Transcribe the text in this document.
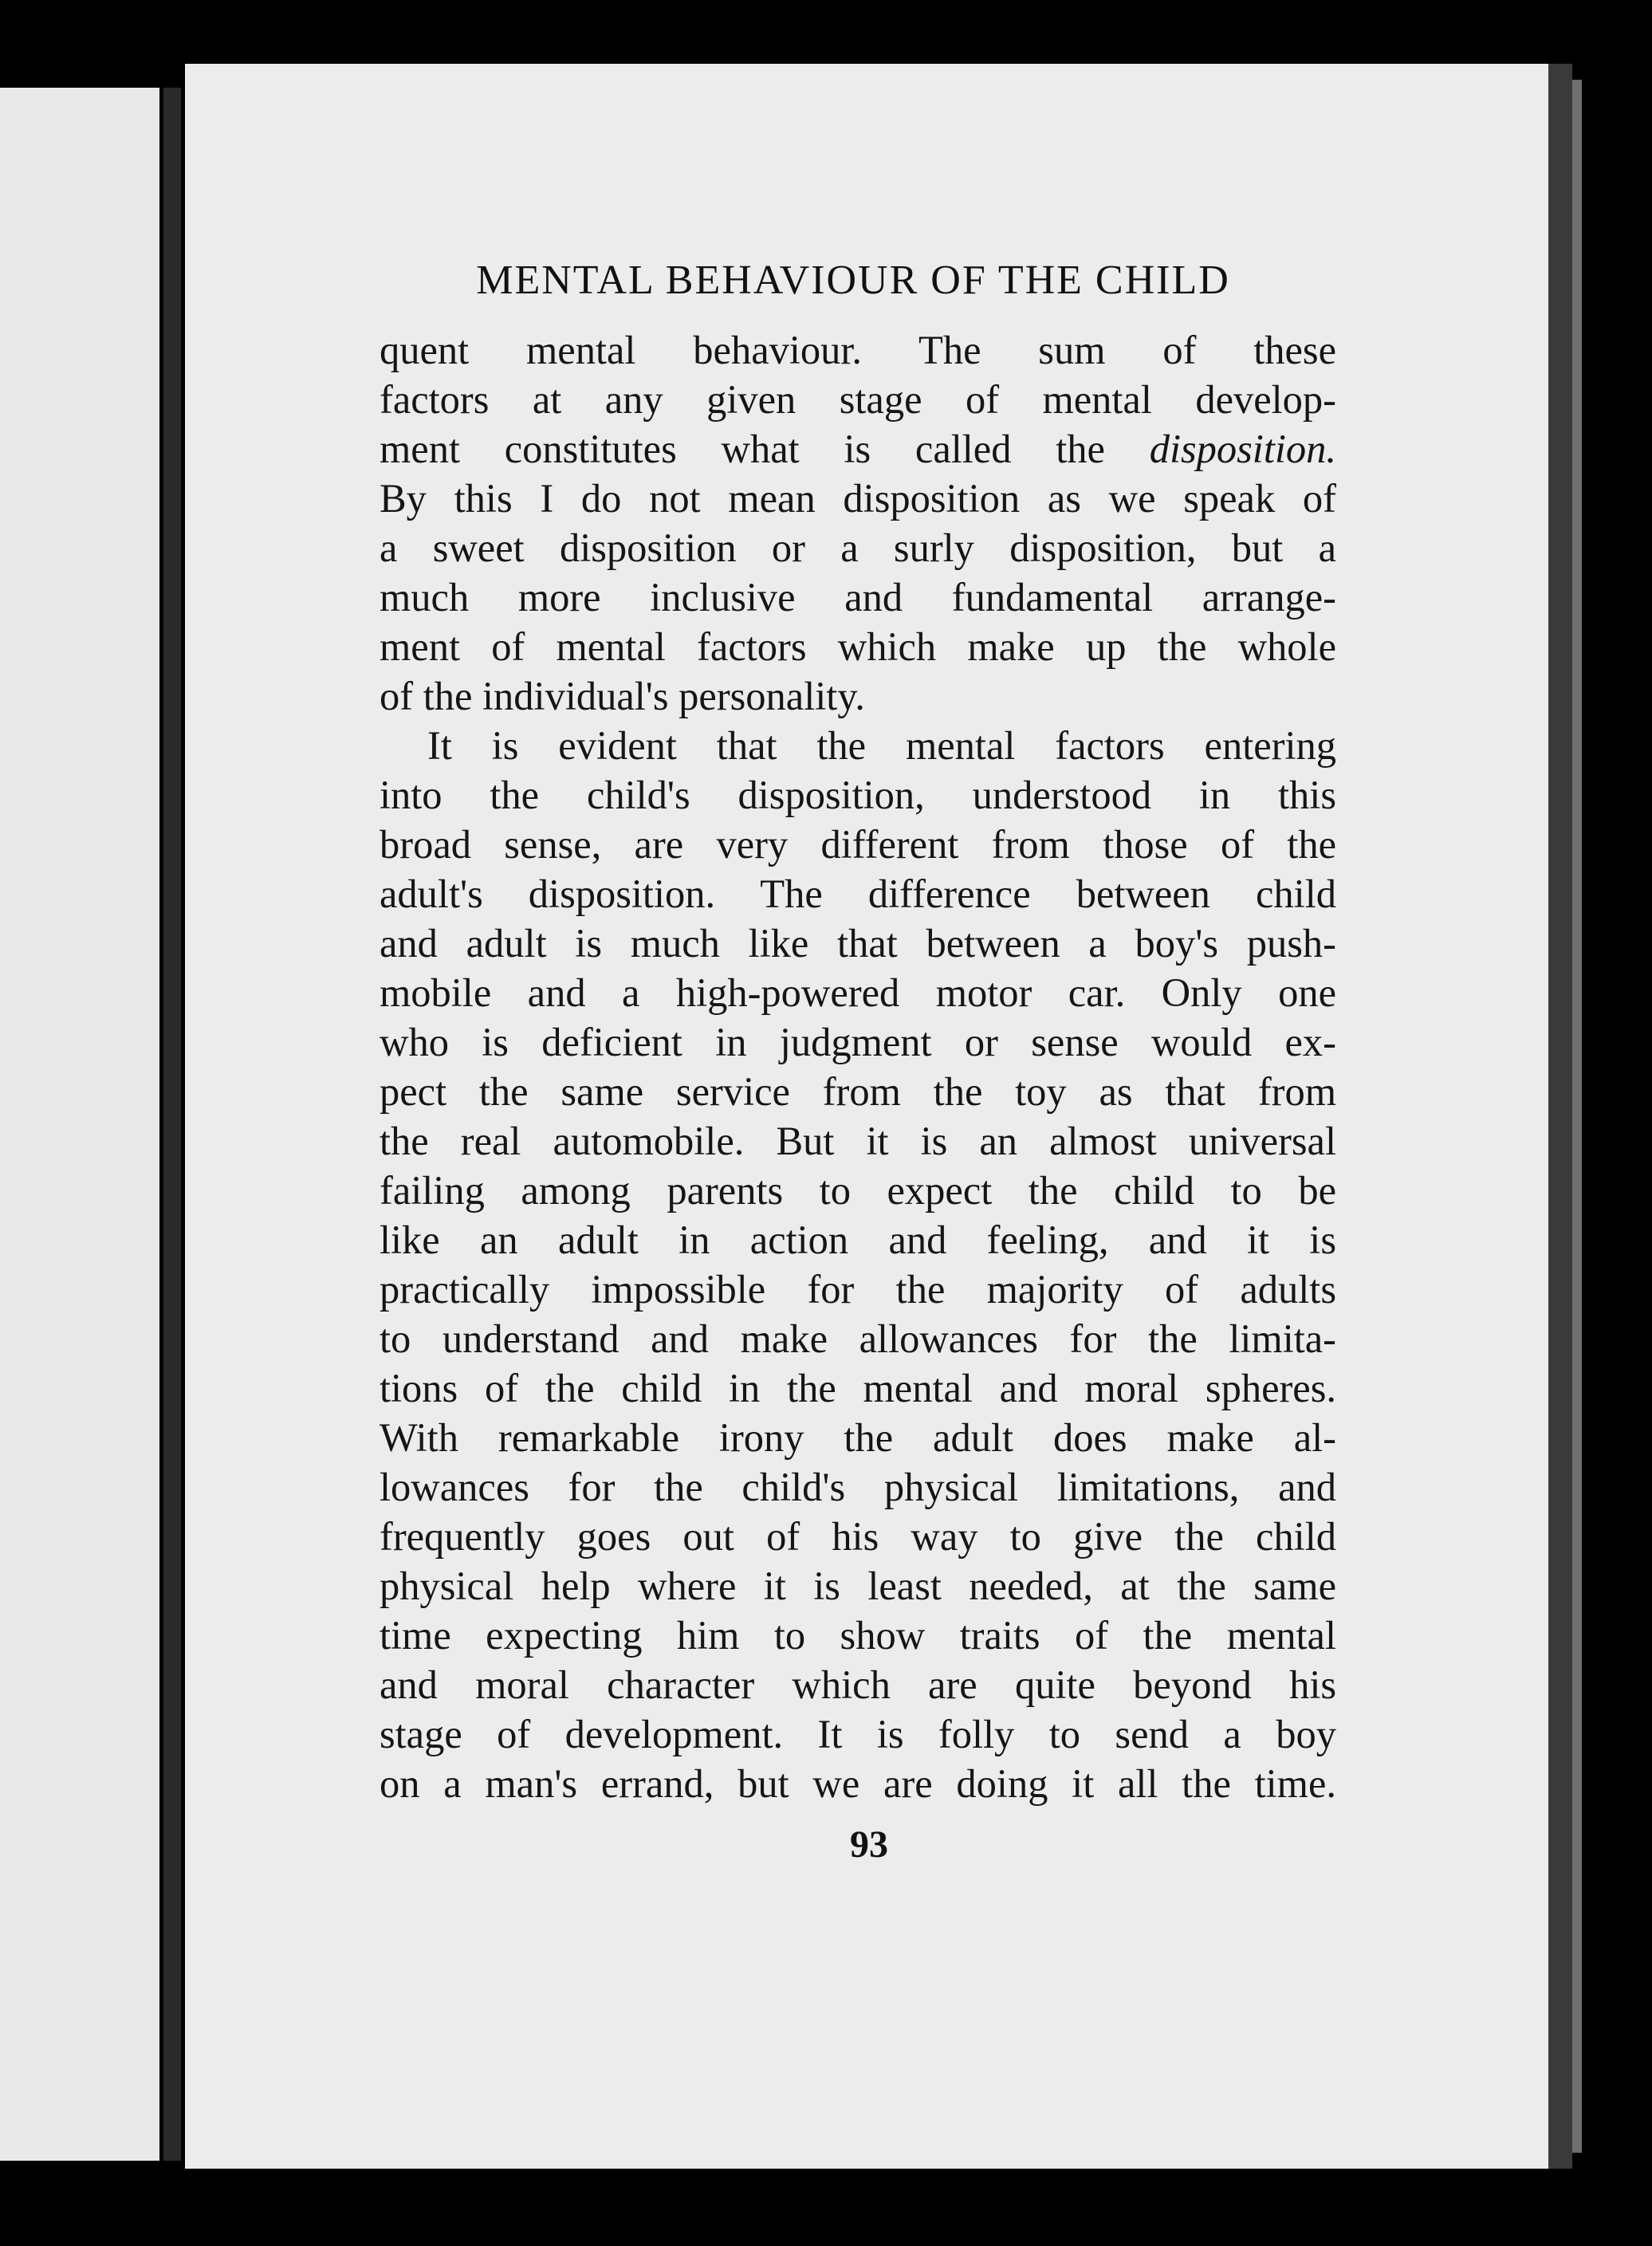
MENTAL BEHAVIOUR OF THE CHILD
quent mental behaviour. The sum of these
factors at any given stage of mental develop-
ment constitutes what is called the disposition.
By this I do not mean disposition as we speak of
a sweet disposition or a surly disposition, but a
much more inclusive and fundamental arrange-
ment of mental factors which make up the whole
of the individual's personality.
It is evident that the mental factors entering
into the child's disposition, understood in this
broad sense, are very different from those of the
adult's disposition. The difference between child
and adult is much like that between a boy's push-
mobile and a high-powered motor car. Only one
who is deficient in judgment or sense would ex-
pect the same service from the toy as that from
the real automobile. But it is an almost universal
failing among parents to expect the child to be
like an adult in action and feeling, and it is
practically impossible for the majority of adults
to understand and make allowances for the limita-
tions of the child in the mental and moral spheres.
With remarkable irony the adult does make al-
lowances for the child's physical limitations, and
frequently goes out of his way to give the child
physical help where it is least needed, at the same
time expecting him to show traits of the mental
and moral character which are quite beyond his
stage of development. It is folly to send a boy
on a man's errand, but we are doing it all the time.
93
